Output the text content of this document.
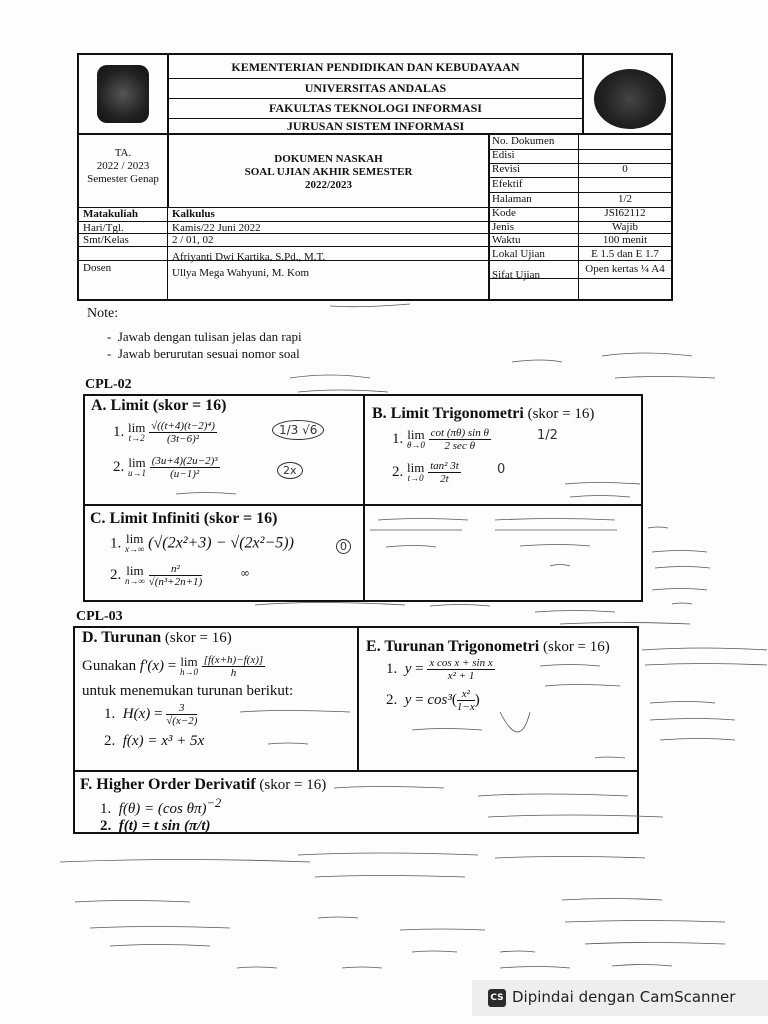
KEMENTERIAN PENDIDIKAN DAN KEBUDAYAAN
UNIVERSITAS ANDALAS
FAKULTAS TEKNOLOGI INFORMASI
JURUSAN SISTEM INFORMASI
TA.
2022 / 2023
Semester Genap
DOKUMEN NASKAH
SOAL UJIAN AKHIR SEMESTER
2022/2023
No. Dokumen
Edisi
Revisi	0
Efektif
Halaman	1/2
Kode	JSI62112
Jenis	Wajib
Waktu	100 menit
Lokal Ujian	E 1.5 dan E 1.7
Sifat Ujian	Open kertas ¼ A4
Matakuliah	Kalkulus
Hari/Tgl.	Kamis/22 Juni 2022
Smt/Kelas	2 / 01, 02
Dosen
Afriyanti Dwi Kartika, S.Pd., M.T.
Ullya Mega Wahyuni, M. Kom
Note:
-  Jawab dengan tulisan jelas dan rapi
-  Jawab berurutan sesuai nomor soal
CPL-02
A. Limit (skor = 16)
1. lim
t→2
$\frac{\text{√((t+4)(t−2)⁴)}}{\text{(3t−6)²}}$
2. lim
u→1
$\frac{\text{(3u+4)(2u−2)³}}{\text{(u−1)²}}$
B. Limit Trigonometri (skor = 16)
1. lim
θ→0
$\frac{\text{cot (πθ) sin θ}}{\text{2 sec θ}}$
2. lim
t→0
$\frac{\text{tan² 3t}}{2t}$
C. Limit Infiniti (skor = 16)
1. lim
x→∞ (√(2x²+3) − √(2x²−5))
2. lim
n→∞
$\frac{\text{n²}}{\text{√(n³+2n+1)}}$
CPL-03
D. Turunan (skor = 16)
Gunakan f′(x) = lim
h→0
$\frac{[f(x+h)-f(x)]}{h}$
untuk menemukan turunan berikut:
1.  $H(x) = \frac{3}{√(x-2)}$
2.  f(x) = x³ + 5x
E. Turunan Trigonometri (skor = 16)
1.  $y = \frac{\text{x cos x + sin x}}{\text{x² + 1}}$
2.  $y = \cos^3( \frac{\text{x²}}{1-x}$ )
F. Higher Order Derivatif (skor = 16)
1.  f(θ) = (cos θπ)$^{-2}$
2.  f(t) = t sin (π/t)
1/3 √6
2x
1/2
0
0
∞
CS Dipindai dengan CamScanner
